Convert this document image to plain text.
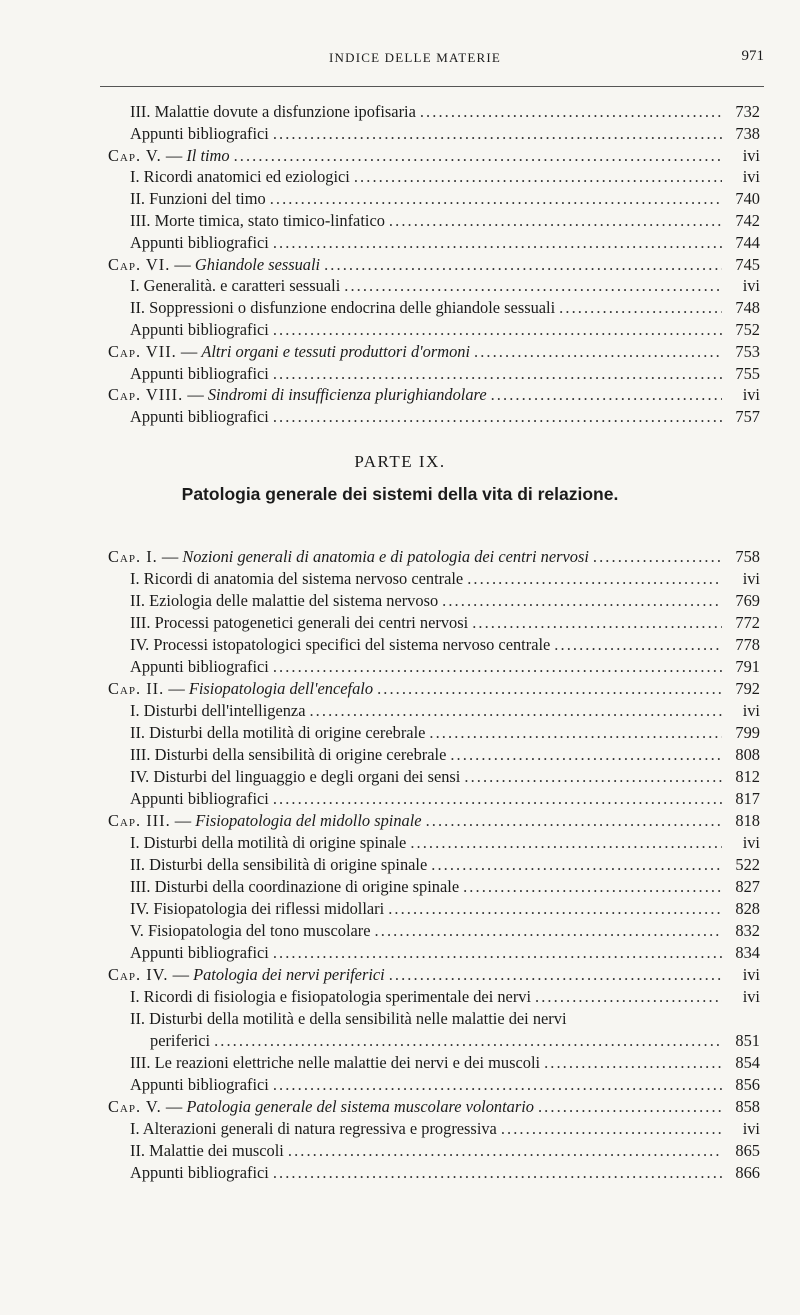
INDICE DELLE MATERIE	971
III. Malattie dovute a disfunzione ipofisaria . . .	732
Appunti bibliografici . . .	738
Cap. V. — Il timo . . .	ivi
I. Ricordi anatomici ed eziologici . . .	ivi
II. Funzioni del timo . . .	740
III. Morte timica, stato timico-linfatico . . .	742
Appunti bibliografici . . .	744
Cap. VI. — Ghiandole sessuali . . .	745
I. Generalità. e caratteri sessuali . . .	ivi
II. Soppressioni o disfunzione endocrina delle ghiandole sessuali . . .	748
Appunti bibliografici . . .	752
Cap. VII. — Altri organi e tessuti produttori d'ormoni . . .	753
Appunti bibliografici . . .	755
Cap. VIII. — Sindromi di insufficienza plurighiandolare . . .	ivi
Appunti bibliografici . . .	757
PARTE IX.
Patologia generale dei sistemi della vita di relazione.
Cap. I. — Nozioni generali di anatomia e di patologia dei centri nervosi . . .	758
I. Ricordi di anatomia del sistema nervoso centrale . . .	ivi
II. Eziologia delle malattie del sistema nervoso . . .	769
III. Processi patogenetici generali dei centri nervosi . . .	772
IV. Processi istopatologici specifici del sistema nervoso centrale . . .	778
Appunti bibliografici . . .	791
Cap. II. — Fisiopatologia dell'encefalo . . .	792
I. Disturbi dell'intelligenza . . .	ivi
II. Disturbi della motilità di origine cerebrale . . .	799
III. Disturbi della sensibilità di origine cerebrale . . .	808
IV. Disturbi del linguaggio e degli organi dei sensi . . .	812
Appunti bibliografici . . .	817
Cap. III. — Fisiopatologia del midollo spinale . . .	818
I. Disturbi della motilità di origine spinale . . .	ivi
II. Disturbi della sensibilità di origine spinale . . .	522
III. Disturbi della coordinazione di origine spinale . . .	827
IV. Fisiopatologia dei riflessi midollari . . .	828
V. Fisiopatologia del tono muscolare . . .	832
Appunti bibliografici . . .	834
Cap. IV. — Patologia dei nervi periferici . . .	ivi
I. Ricordi di fisiologia e fisiopatologia sperimentale dei nervi . . .	ivi
II. Disturbi della motilità e della sensibilità nelle malattie dei nervi
periferici . . .	851
III. Le reazioni elettriche nelle malattie dei nervi e dei muscoli . . .	854
Appunti bibliografici . . .	856
Cap. V. — Patologia generale del sistema muscolare volontario . . .	858
I. Alterazioni generali di natura regressiva e progressiva . . .	ivi
II. Malattie dei muscoli . . .	865
Appunti bibliografici . . .	866
